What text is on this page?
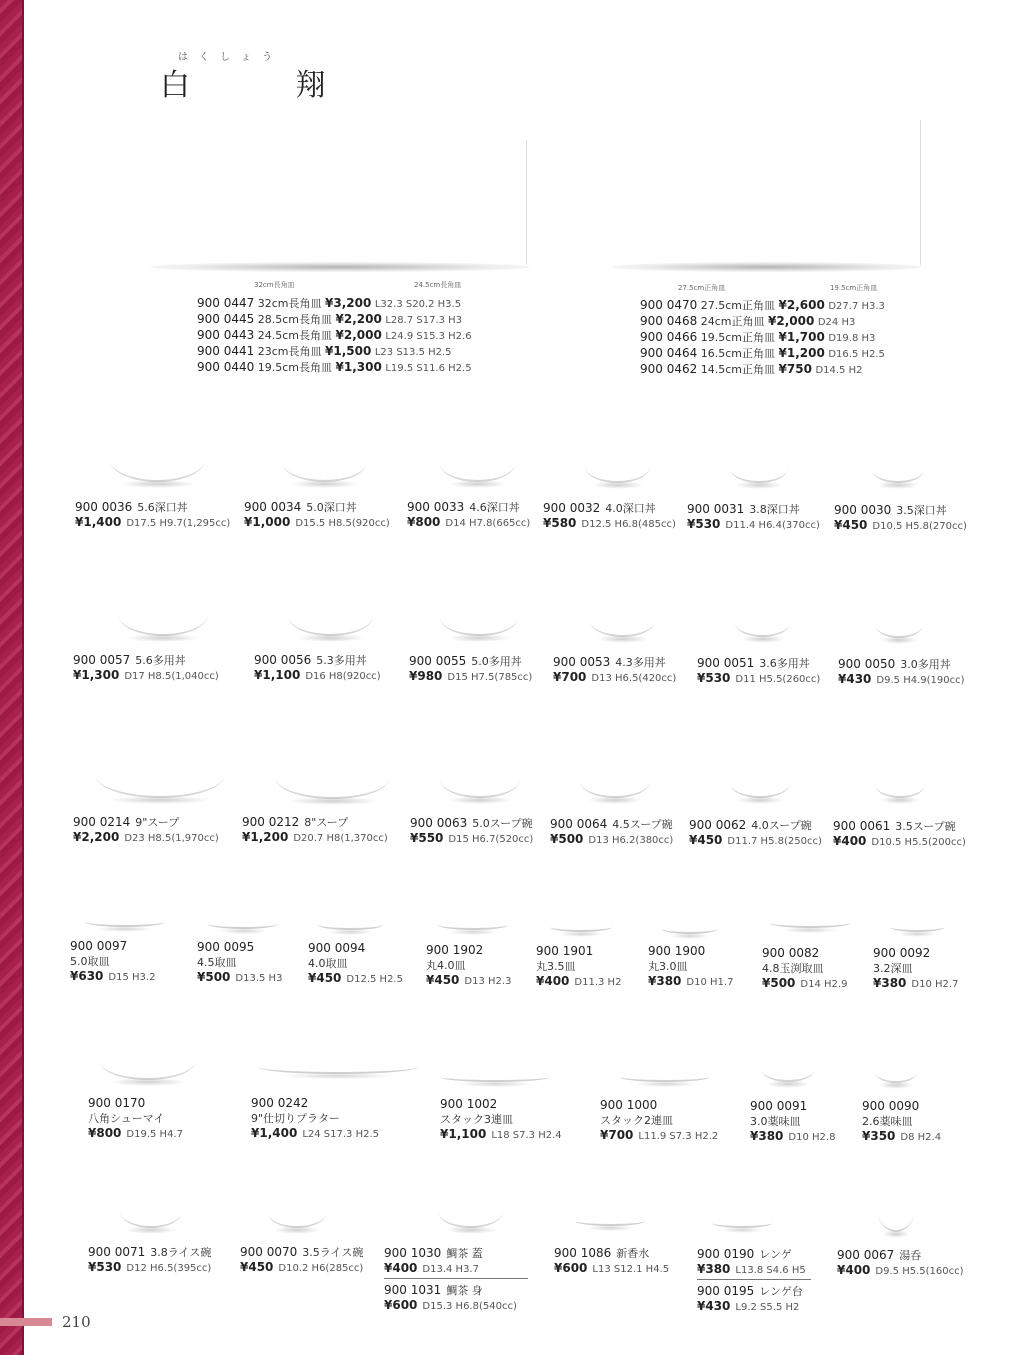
はくしょう
白 翔
32cm長角皿	24.5cm長角皿	27.5cm正角皿	19.5cm正角皿
900 0447 32cm長角皿 ¥3,200 L32.3 S20.2 H3.5
900 0445 28.5cm長角皿 ¥2,200 L28.7 S17.3 H3
900 0443 24.5cm長角皿 ¥2,000 L24.9 S15.3 H2.6
900 0441 23cm長角皿 ¥1,500 L23 S13.5 H2.5
900 0440 19.5cm長角皿 ¥1,300 L19.5 S11.6 H2.5
900 0470 27.5cm正角皿 ¥2,600 D27.7 H3.3
900 0468 24cm正角皿 ¥2,000 D24 H3
900 0466 19.5cm正角皿 ¥1,700 D19.8 H3
900 0464 16.5cm正角皿 ¥1,200 D16.5 H2.5
900 0462 14.5cm正角皿 ¥750 D14.5 H2
900 0036 5.6深口丼
¥1,400 D17.5 H9.7(1,295cc)
900 0034 5.0深口丼
¥1,000 D15.5 H8.5(920cc)
900 0033 4.6深口丼
¥800 D14 H7.8(665cc)
900 0032 4.0深口丼
¥580 D12.5 H6.8(485cc)
900 0031 3.8深口丼
¥530 D11.4 H6.4(370cc)
900 0030 3.5深口丼
¥450 D10.5 H5.8(270cc)
900 0057 5.6多用丼
¥1,300 D17 H8.5(1,040cc)
900 0056 5.3多用丼
¥1,100 D16 H8(920cc)
900 0055 5.0多用丼
¥980 D15 H7.5(785cc)
900 0053 4.3多用丼
¥700 D13 H6.5(420cc)
900 0051 3.6多用丼
¥530 D11 H5.5(260cc)
900 0050 3.0多用丼
¥430 D9.5 H4.9(190cc)
900 0214 9"スープ
¥2,200 D23 H8.5(1,970cc)
900 0212 8"スープ
¥1,200 D20.7 H8(1,370cc)
900 0063 5.0スープ碗
¥550 D15 H6.7(520cc)
900 0064 4.5スープ碗
¥500 D13 H6.2(380cc)
900 0062 4.0スープ碗
¥450 D11.7 H5.8(250cc)
900 0061 3.5スープ碗
¥400 D10.5 H5.5(200cc)
900 0097
5.0取皿
¥630 D15 H3.2
900 0095
4.5取皿
¥500 D13.5 H3
900 0094
4.0取皿
¥450 D12.5 H2.5
900 1902
丸4.0皿
¥450 D13 H2.3
900 1901
丸3.5皿
¥400 D11.3 H2
900 1900
丸3.0皿
¥380 D10 H1.7
900 0082
4.8玉渕取皿
¥500 D14 H2.9
900 0092
3.2深皿
¥380 D10 H2.7
900 0170
八角シューマイ
¥800 D19.5 H4.7
900 0242
9"仕切りプラター
¥1,400 L24 S17.3 H2.5
900 1002
スタック3連皿
¥1,100 L18 S7.3 H2.4
900 1000
スタック2連皿
¥700 L11.9 S7.3 H2.2
900 0091
3.0薬味皿
¥380 D10 H2.8
900 0090
2.6薬味皿
¥350 D8 H2.4
900 0071 3.8ライス碗
¥530 D12 H6.5(395cc)
900 0070 3.5ライス碗
¥450 D10.2 H6(285cc)
900 1030 鯛茶 蓋
¥400 D13.4 H3.7
900 1031 鯛茶 身
¥600 D15.3 H6.8(540cc)
900 1086 新香水
¥600 L13 S12.1 H4.5
900 0190 レンゲ
¥380 L13.8 S4.6 H5
900 0195 レンゲ台
¥430 L9.2 S5.5 H2
900 0067 湯呑
¥400 D9.5 H5.5(160cc)
210
